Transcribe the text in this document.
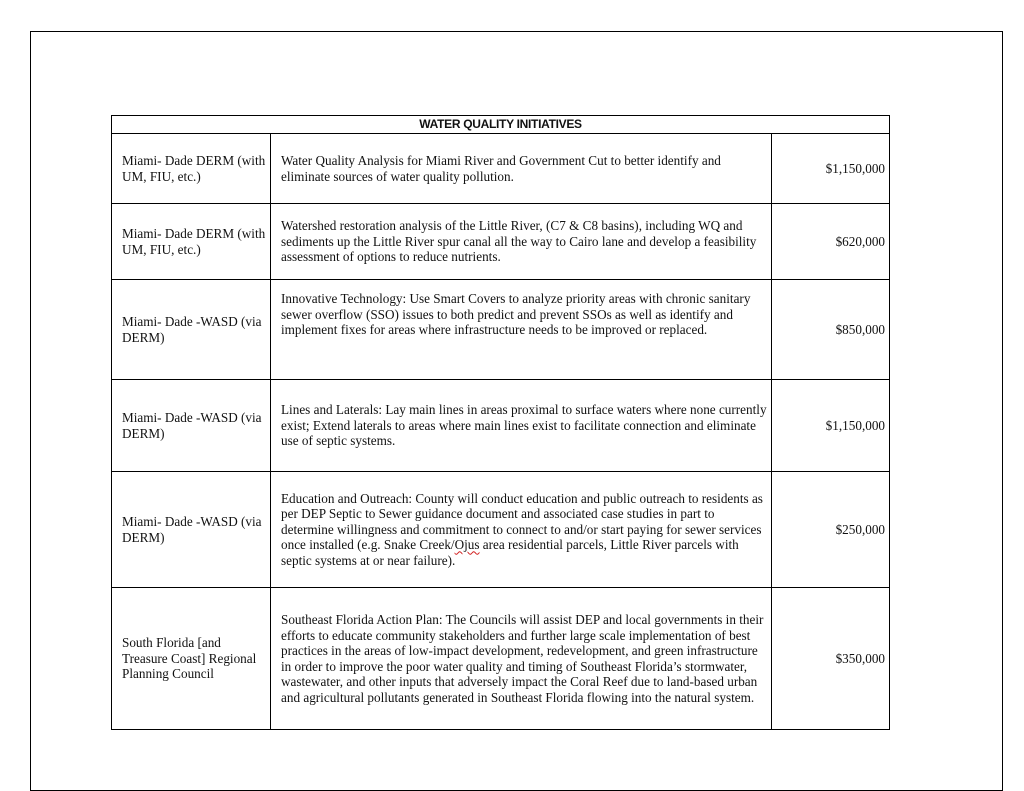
WATER QUALITY INITIATIVES		
Miami- Dade DERM (with UM, FIU, etc.)	Water Quality Analysis for Miami River and Government Cut to better identify and eliminate sources of water quality pollution.	$1,150,000
Miami- Dade DERM (with UM, FIU, etc.)	Watershed restoration analysis of the Little River, (C7 & C8 basins), including WQ and sediments up the Little River spur canal all the way to Cairo lane and develop a feasibility assessment of options to reduce nutrients.	$620,000
Miami- Dade -WASD (via DERM)	Innovative Technology: Use Smart Covers to analyze priority areas with chronic sanitary sewer overflow (SSO) issues to both predict and prevent SSOs as well as identify and implement fixes for areas where infrastructure needs to be improved or replaced.	$850,000
Miami- Dade -WASD (via DERM)	Lines and Laterals: Lay main lines in areas proximal to surface waters where none currently exist; Extend laterals to areas where main lines exist to facilitate connection and eliminate use of septic systems.	$1,150,000
Miami- Dade -WASD (via DERM)	Education and Outreach: County will conduct education and public outreach to residents as per DEP Septic to Sewer guidance document and associated case studies in part to determine willingness and commitment to connect to and/or start paying for sewer services once installed (e.g. Snake Creek/Ojus area residential parcels, Little River parcels with septic systems at or near failure).	$250,000
South Florida [and Treasure Coast] Regional Planning Council	Southeast Florida Action Plan: The Councils will assist DEP and local governments in their efforts to educate community stakeholders and further large scale implementation of best practices in the areas of low-impact development, redevelopment, and green infrastructure in order to improve the poor water quality and timing of Southeast Florida’s stormwater, wastewater, and other inputs that adversely impact the Coral Reef due to land-based urban and agricultural pollutants generated in Southeast Florida flowing into the natural system.	$350,000
